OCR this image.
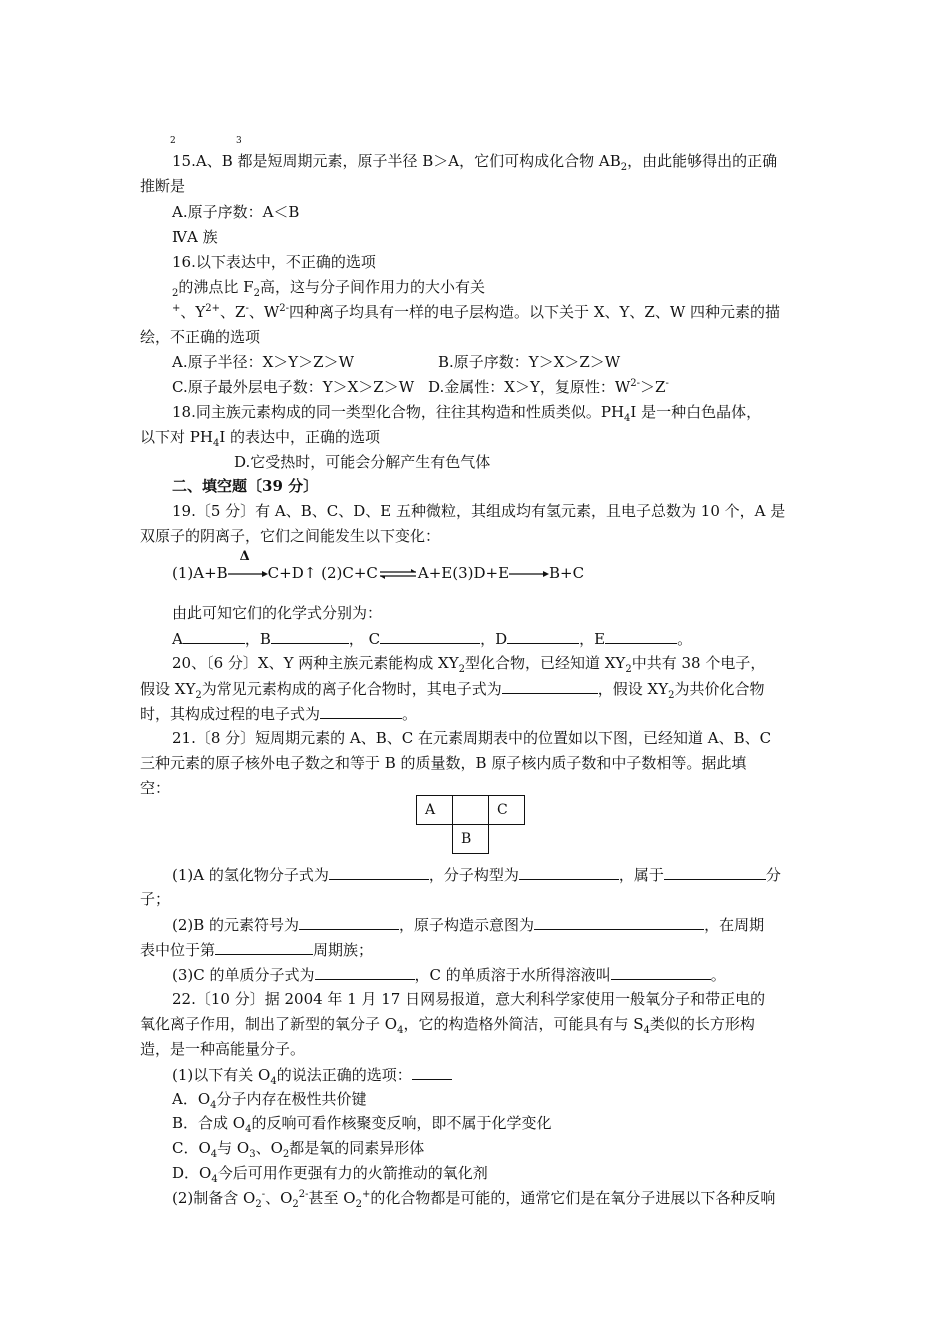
2	3
15.A、B 都是短周期元素，原子半径 B＞A，它们可构成化合物 $AB_2$，由此能够得出的正确
推断是
A.原子序数：A＜B
ⅣA 族
16.以下表达中，不正确的选项
$_2$的沸点比 $F_2$高，这与分子间作用力的大小有关
+、$Y^{2+}$、Z-、$W^{2-}$四种离子均具有一样的电子层构造。以下关于 X、Y、Z、W 四种元素的描
绘，不正确的选项
A.原子半径：X＞Y＞Z＞W	B.原子序数：Y＞X＞Z＞W
C.原子最外层电子数：Y＞X＞Z＞W D.金属性：X＞Y，复原性：$W^{2-}>Z^-$
18.同主族元素构成的同一类型化合物，往往其构造和性质类似。$PH_4I$ 是一种白色晶体，
以下对 $PH_4I$ 的表达中，正确的选项
D.它受热时，可能会分解产生有色气体
二、填空题〔39 分〕
19.〔5 分〕有 A、B、C、D、E 五种微粒，其组成均有氢元素，且电子总数为 10 个，A 是
双原子的阴离子，它们之间能发生以下变化：
(1)A+B
Δ
C+D↑ (2)C+C⇌A+E(3)D+E	B+C
由此可知它们的化学式分别为：
A	，B	， C	，D	，E	。
20、〔6 分〕X、Y 两种主族元素能构成 $XY_2$型化合物，已经知道 $XY_2$中共有 38 个电子，
假设 $XY_2$为常见元素构成的离子化合物时，其电子式为	，假设 $XY_2$为共价化合物
时，其构成过程的电子式为	。
21.〔8 分〕短周期元素的 A、B、C 在元素周期表中的位置如以下图，已经知道 A、B、C
三种元素的原子核外电子数之和等于 B 的质量数，B 原子核内质子数和中子数相等。据此填
空：
A		C
	B	
(1)A 的氢化物分子式为	，分子构型为	，属于	分
子；
(2)B 的元素符号为	，原子构造示意图为	，在周期
表中位于第	周期族；
(3)C 的单质分子式为	，C 的单质溶于水所得溶液叫	。
22.〔10 分〕据 2004 年 1 月 17 日网易报道，意大利科学家使用一般氧分子和带正电的
氧化离子作用，制出了新型的氧分子 $O_4$，它的构造格外简洁，可能具有与 $S_4$类似的长方形构
造，是一种高能量分子。
(1)以下有关 $O_4$的说法正确的选项：
A．$O_4$分子内存在极性共价键
B．合成 $O_4$的反响可看作核聚变反响，即不属于化学变化
C．$O_4$与 $O_3$、$O_2$都是氧的同素异形体
D．$O_4$今后可用作更强有力的火箭推动的氧化剂
(2)制备含 $O_2^-$、$O_2^{2-}$甚至 $O_2^+$的化合物都是可能的，通常它们是在氧分子进展以下各种反响
